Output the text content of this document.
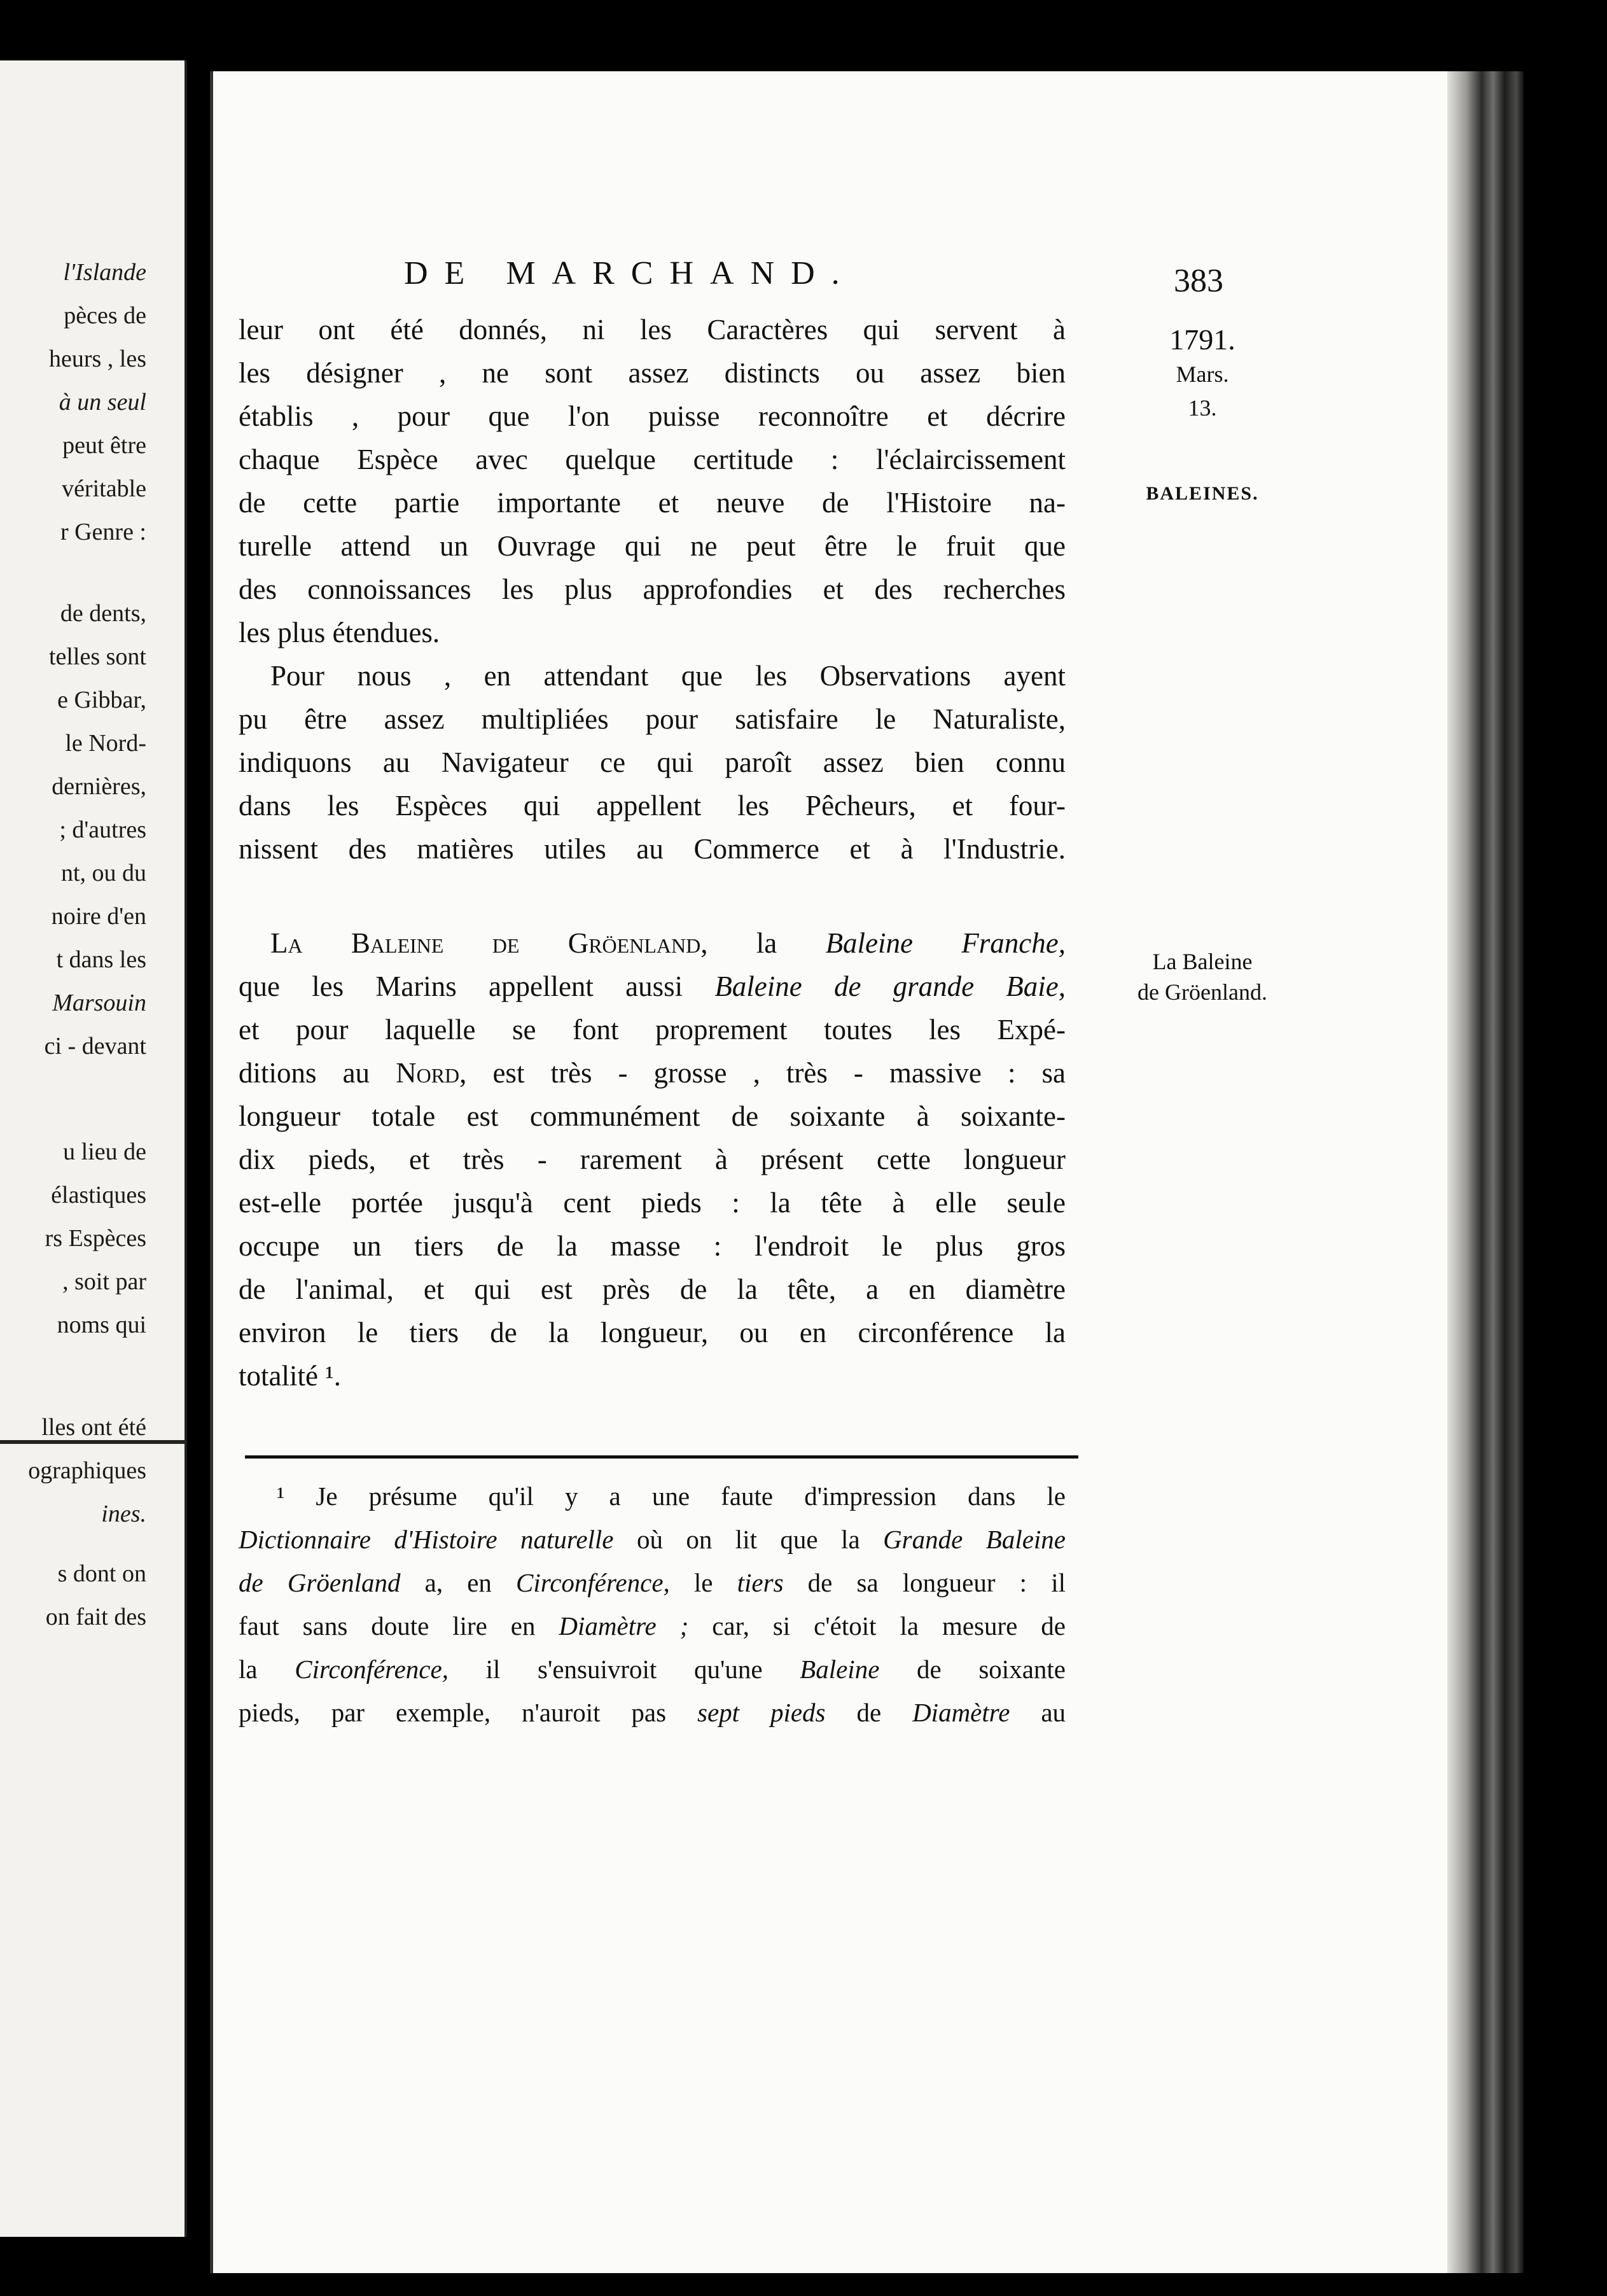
l'Islande
pèces de
heurs , les
à un seul
peut être
véritable
r Genre :
de dents,
telles sont
e Gibbar,
le Nord-
dernières,
; d'autres
nt, ou du
noire d'en
t dans les
Marsouin
ci - devant
u lieu de
élastiques
rs Espèces
, soit par
noms qui
lles ont été
ographiques
ines.
s dont on
on fait des
DE MARCHAND.	383
1791.
Mars.
13.
BALEINES.
La Baleine
de Gröenland.
leur ont été donnés, ni les Caractères qui servent à
les désigner , ne sont assez distincts ou assez bien
établis , pour que l'on puisse reconnoître et décrire
chaque Espèce avec quelque certitude : l'éclaircissement
de cette partie importante et neuve de l'Histoire na-
turelle attend un Ouvrage qui ne peut être le fruit que
des connoissances les plus approfondies et des recherches
les plus étendues.
Pour nous , en attendant que les Observations ayent
pu être assez multipliées pour satisfaire le Naturaliste,
indiquons au Navigateur ce qui paroît assez bien connu
dans les Espèces qui appellent les Pêcheurs, et four-
nissent des matières utiles au Commerce et à l'Industrie.
La Baleine de Gröenland, la Baleine Franche,
que les Marins appellent aussi Baleine de grande Baie,
et pour laquelle se font proprement toutes les Expé-
ditions au Nord, est très - grosse , très - massive : sa
longueur totale est communément de soixante à soixante-
dix pieds, et très - rarement à présent cette longueur
est-elle portée jusqu'à cent pieds : la tête à elle seule
occupe un tiers de la masse : l'endroit le plus gros
de l'animal, et qui est près de la tête, a en diamètre
environ le tiers de la longueur, ou en circonférence la
totalité ¹.
¹ Je présume qu'il y a une faute d'impression dans le
Dictionnaire d'Histoire naturelle où on lit que la Grande Baleine
de Gröenland a, en Circonférence, le tiers de sa longueur : il
faut sans doute lire en Diamètre ; car, si c'étoit la mesure de
la Circonférence, il s'ensuivroit qu'une Baleine de soixante
pieds, par exemple, n'auroit pas sept pieds de Diamètre au
